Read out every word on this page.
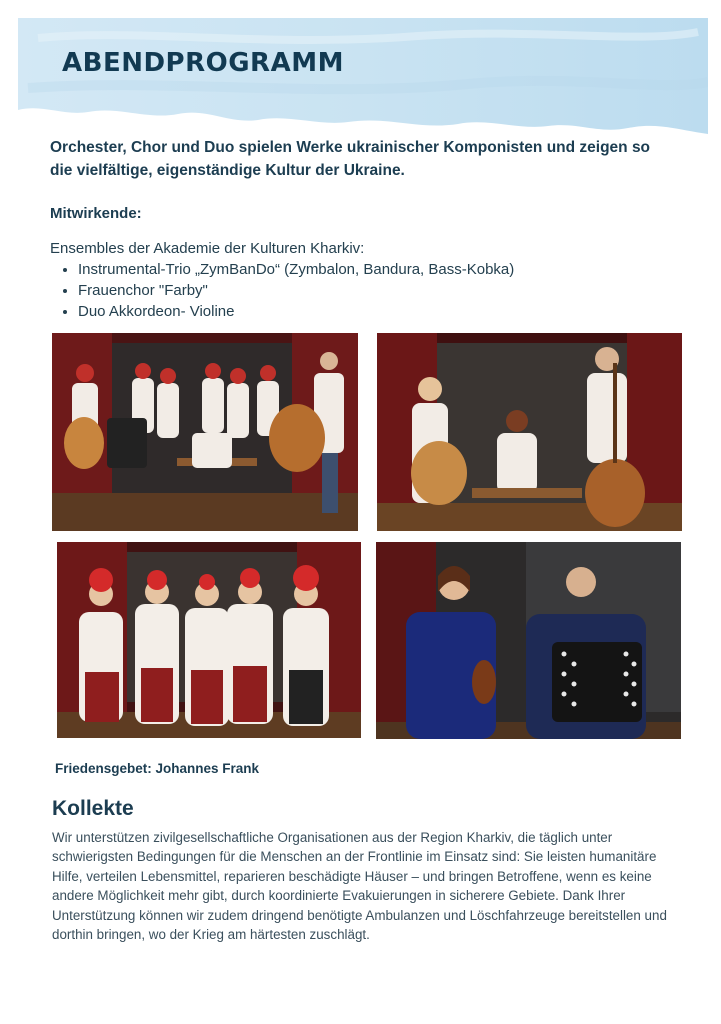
ABENDPROGRAMM
Orchester, Chor und Duo spielen Werke ukrainischer Komponisten und zeigen so die vielfältige, eigenständige Kultur der Ukraine.
Mitwirkende:
Ensembles der Akademie der Kulturen Kharkiv:
• Instrumental-Trio „ZymBanDo“ (Zymbalon, Bandura, Bass-Kobka)
• Frauenchor "Farby"
• Duo Akkordeon- Violine
Friedensgebet: Johannes Frank
Kollekte
Wir unterstützen zivilgesellschaftliche Organisationen aus der Region Kharkiv, die täglich unter schwierigsten Bedingungen für die Menschen an der Frontlinie im Einsatz sind: Sie leisten humanitäre Hilfe, verteilen Lebensmittel, reparieren beschädigte Häuser – und bringen Betroffene, wenn es keine andere Möglichkeit mehr gibt, durch koordinierte Evakuierungen in sicherere Gebiete. Dank Ihrer Unterstützung können wir zudem dringend benötigte Ambulanzen und Löschfahrzeuge bereitstellen und dorthin bringen, wo der Krieg am härtesten zuschlägt.
